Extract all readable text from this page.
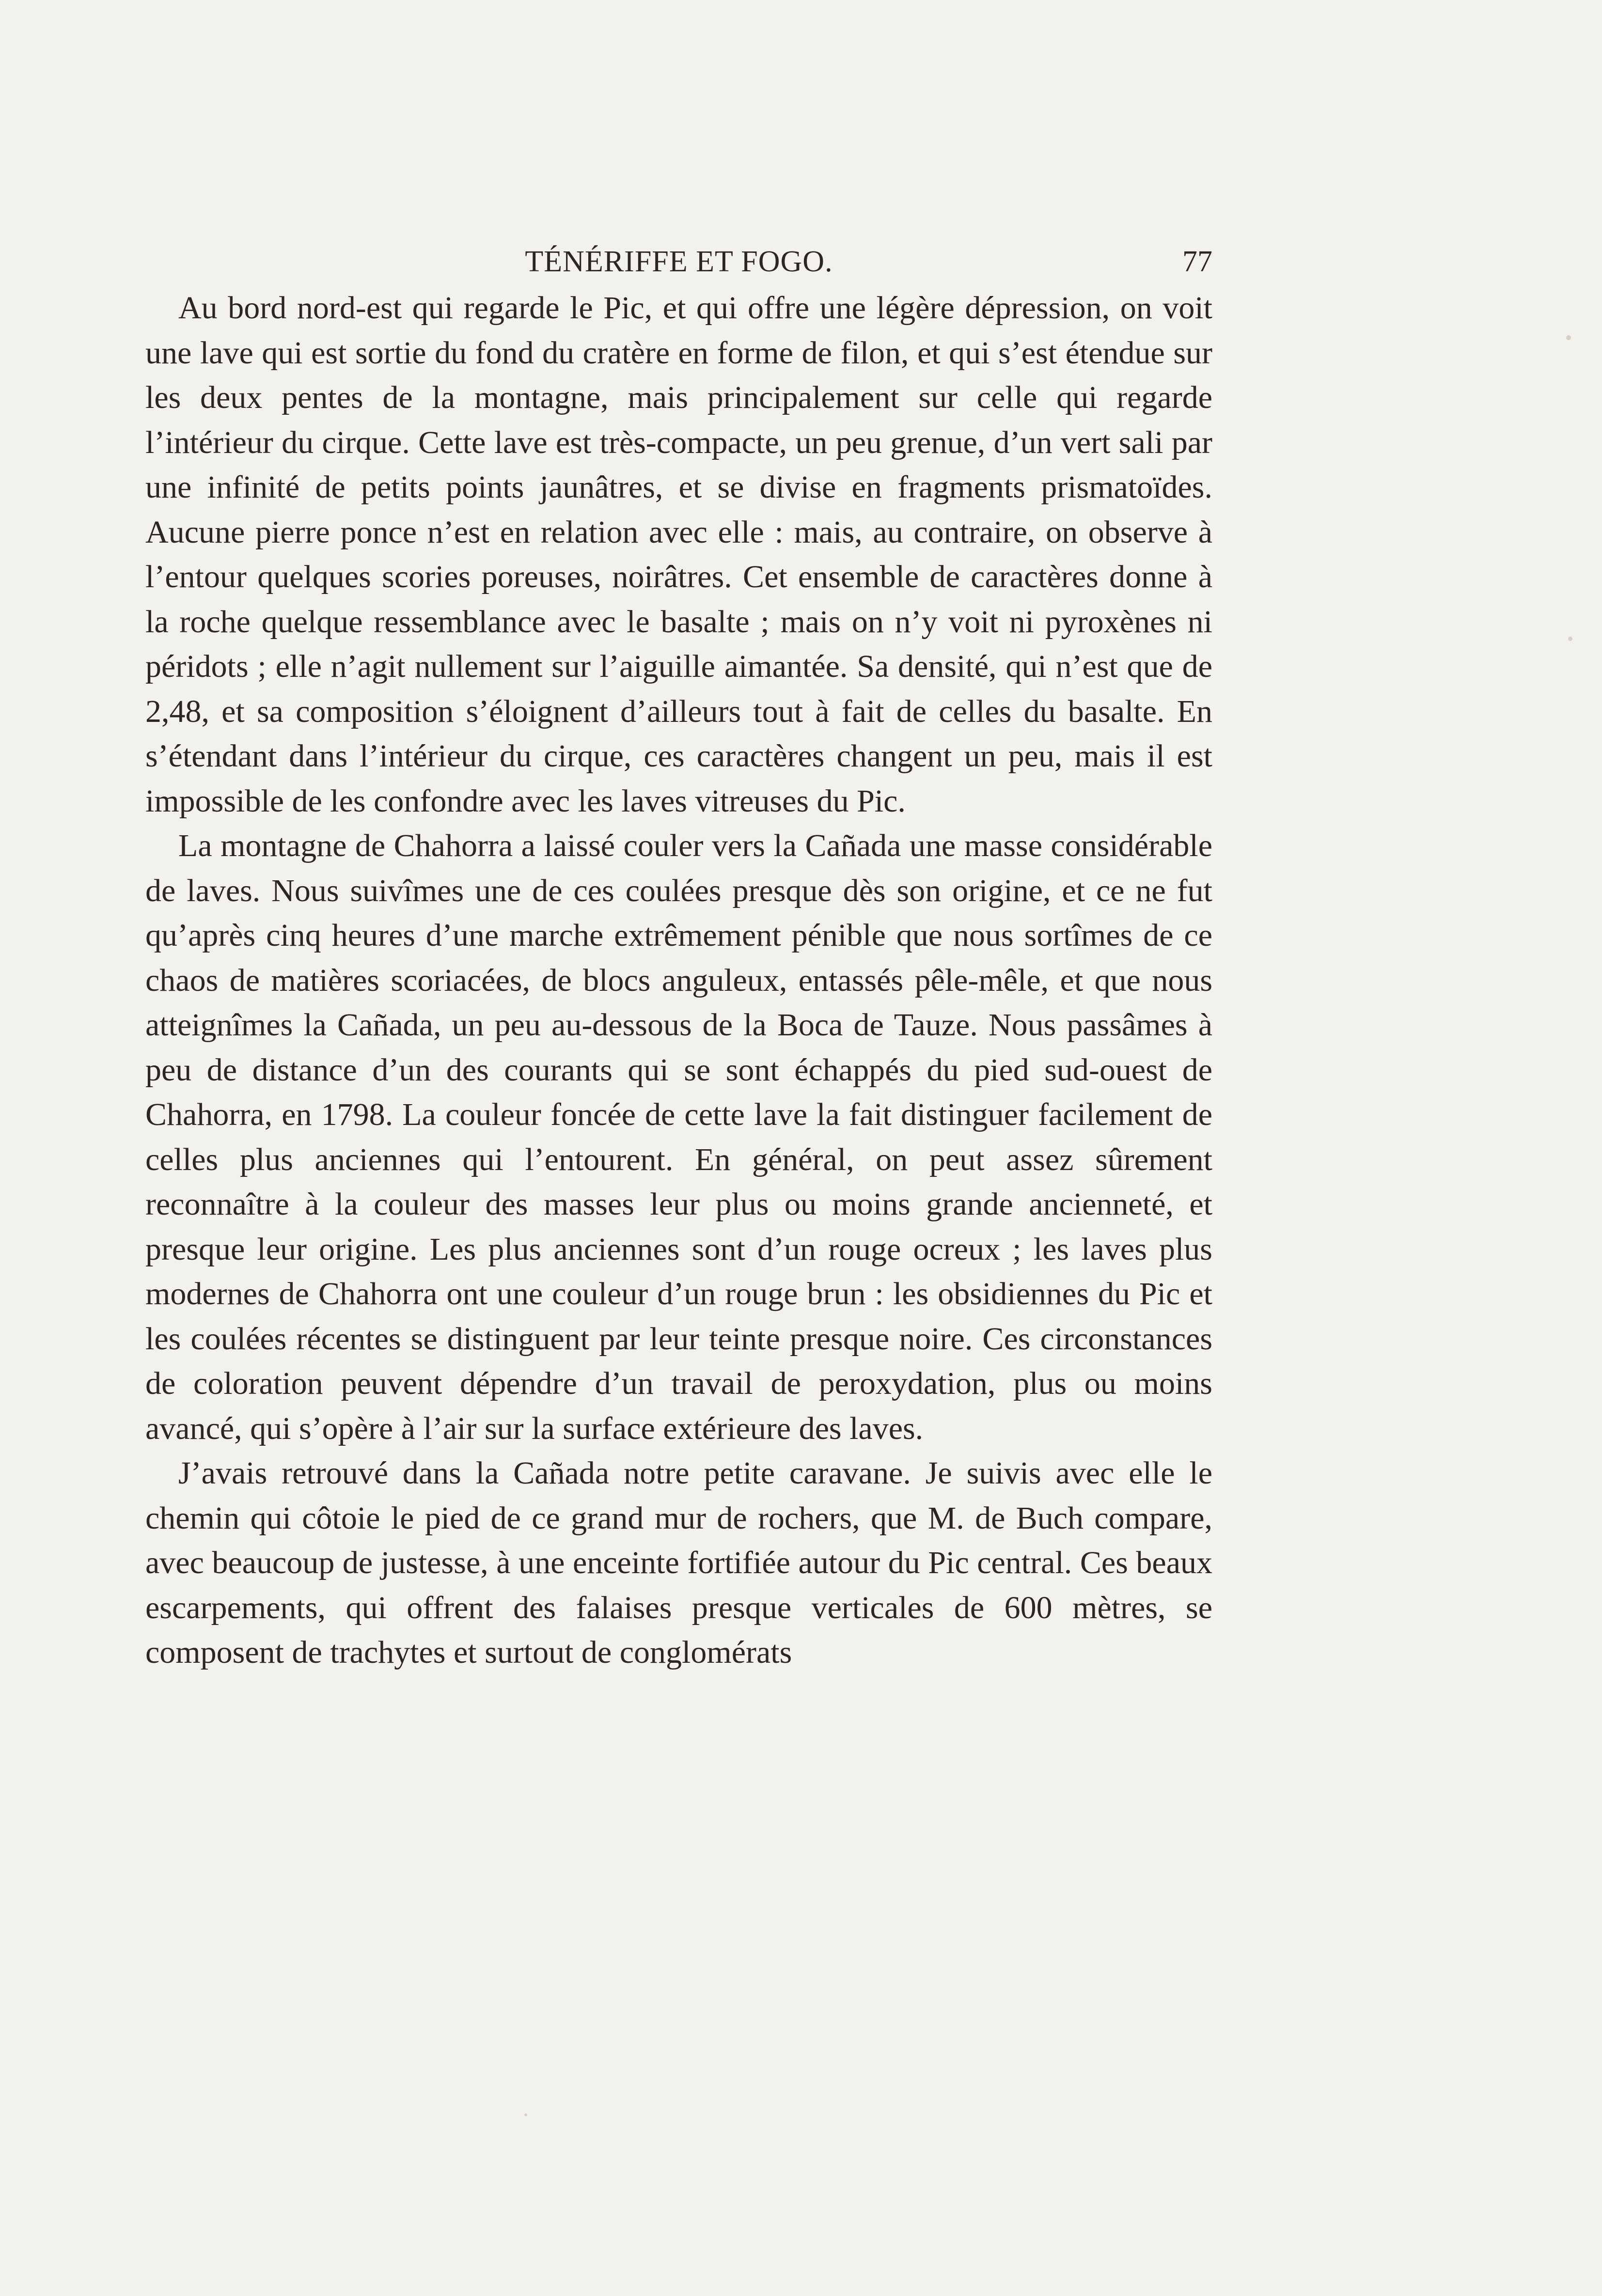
TÉNÉRIFFE ET FOGO.	77

Au bord nord-est qui regarde le Pic, et qui offre une légère dépression, on voit une lave qui est sortie du fond du cratère en forme de filon, et qui s’est étendue sur les deux pentes de la montagne, mais principalement sur celle qui regarde l’intérieur du cirque. Cette lave est très-compacte, un peu grenue, d’un vert sali par une infinité de petits points jaunâtres, et se divise en fragments prismatoïdes. Aucune pierre ponce n’est en relation avec elle : mais, au contraire, on observe à l’entour quelques scories poreuses, noirâtres. Cet ensemble de caractères donne à la roche quelque ressemblance avec le basalte ; mais on n’y voit ni pyroxènes ni péridots ; elle n’agit nullement sur l’aiguille aimantée. Sa densité, qui n’est que de 2,48, et sa composition s’éloignent d’ailleurs tout à fait de celles du basalte. En s’étendant dans l’intérieur du cirque, ces caractères changent un peu, mais il est impossible de les confondre avec les laves vitreuses du Pic.

La montagne de Chahorra a laissé couler vers la Cañada une masse considérable de laves. Nous suivîmes une de ces coulées presque dès son origine, et ce ne fut qu’après cinq heures d’une marche extrêmement pénible que nous sortîmes de ce chaos de matières scoriacées, de blocs anguleux, entassés pêle-mêle, et que nous atteignîmes la Cañada, un peu au-dessous de la Boca de Tauze. Nous passâmes à peu de distance d’un des courants qui se sont échappés du pied sud-ouest de Chahorra, en 1798. La couleur foncée de cette lave la fait distinguer facilement de celles plus anciennes qui l’entourent. En général, on peut assez sûrement reconnaître à la couleur des masses leur plus ou moins grande ancienneté, et presque leur origine. Les plus anciennes sont d’un rouge ocreux ; les laves plus modernes de Chahorra ont une couleur d’un rouge brun : les obsidiennes du Pic et les coulées récentes se distinguent par leur teinte presque noire. Ces circonstances de coloration peuvent dépendre d’un travail de peroxydation, plus ou moins avancé, qui s’opère à l’air sur la surface extérieure des laves.

J’avais retrouvé dans la Cañada notre petite caravane. Je suivis avec elle le chemin qui côtoie le pied de ce grand mur de rochers, que M. de Buch compare, avec beaucoup de justesse, à une enceinte fortifiée autour du Pic central. Ces beaux escarpements, qui offrent des falaises presque verticales de 600 mètres, se composent de trachytes et surtout de conglomérats
